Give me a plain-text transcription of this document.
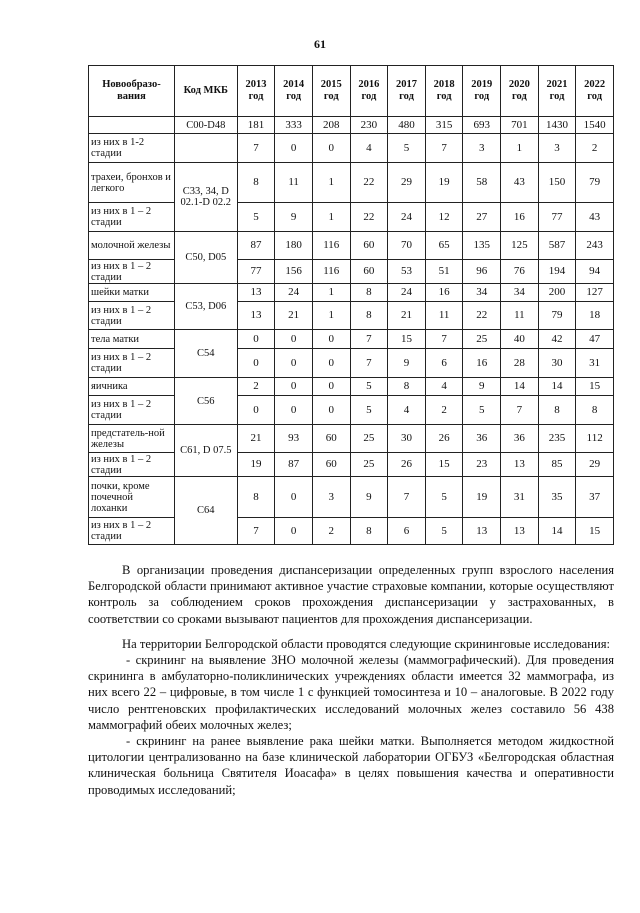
61
Новообразо-вания	Код МКБ	2013 год	2014 год	2015 год	2016 год	2017 год	2018 год	2019 год	2020 год	2021 год	2022 год
	С00-D48	181	333	208	230	480	315	693	701	1430	1540
из них в 1-2 стадии		7	0	0	4	5	7	3	1	3	2
трахеи, бронхов и легкого	С33, 34, D 02.1-D 02.2	8	11	1	22	29	19	58	43	150	79
из них в 1 – 2 стадии		5	9	1	22	24	12	27	16	77	43
молочной железы	С50, D05	87	180	116	60	70	65	135	125	587	243
из них в 1 – 2 стадии		77	156	116	60	53	51	96	76	194	94
шейки матки	С53, D06	13	24	1	8	24	16	34	34	200	127
из них в 1 – 2 стадии		13	21	1	8	21	11	22	11	79	18
тела матки	С54	0	0	0	7	15	7	25	40	42	47
из них в 1 – 2 стадии		0	0	0	7	9	6	16	28	30	31
яичника	С56	2	0	0	5	8	4	9	14	14	15
из них в 1 – 2 стадии		0	0	0	5	4	2	5	7	8	8
предстатель-ной железы	С61, D 07.5	21	93	60	25	30	26	36	36	235	112
из них в 1 – 2 стадии		19	87	60	25	26	15	23	13	85	29
почки, кроме почечной лоханки	С64	8	0	3	9	7	5	19	31	35	37
из них в 1 – 2 стадии		7	0	2	8	6	5	13	13	14	15

В организации проведения диспансеризации определенных групп взрослого населения Белгородской области принимают активное участие страховые компании, которые осуществляют контроль за соблюдением сроков прохождения диспансеризации у застрахованных, в соответствии со сроками вызывают пациентов для прохождения диспансеризации.

На территории Белгородской области проводятся следующие скрининговые исследования:

- скрининг на выявление ЗНО молочной железы (маммографический). Для проведения скрининга в амбулаторно-поликлинических учреждениях области имеется 32 маммографа, из них всего 22 – цифровые, в том числе 1 с функцией томосинтеза и 10 – аналоговые. В 2022 году число рентгеновских профилактических исследований молочных желез составило 56 438 маммографий обеих молочных желез;

- скрининг на ранее выявление рака шейки матки. Выполняется методом жидкостной цитологии централизованно на базе клинической лаборатории ОГБУЗ «Белгородская областная клиническая больница Святителя Иоасафа» в целях повышения качества и оперативности проводимых исследований;
